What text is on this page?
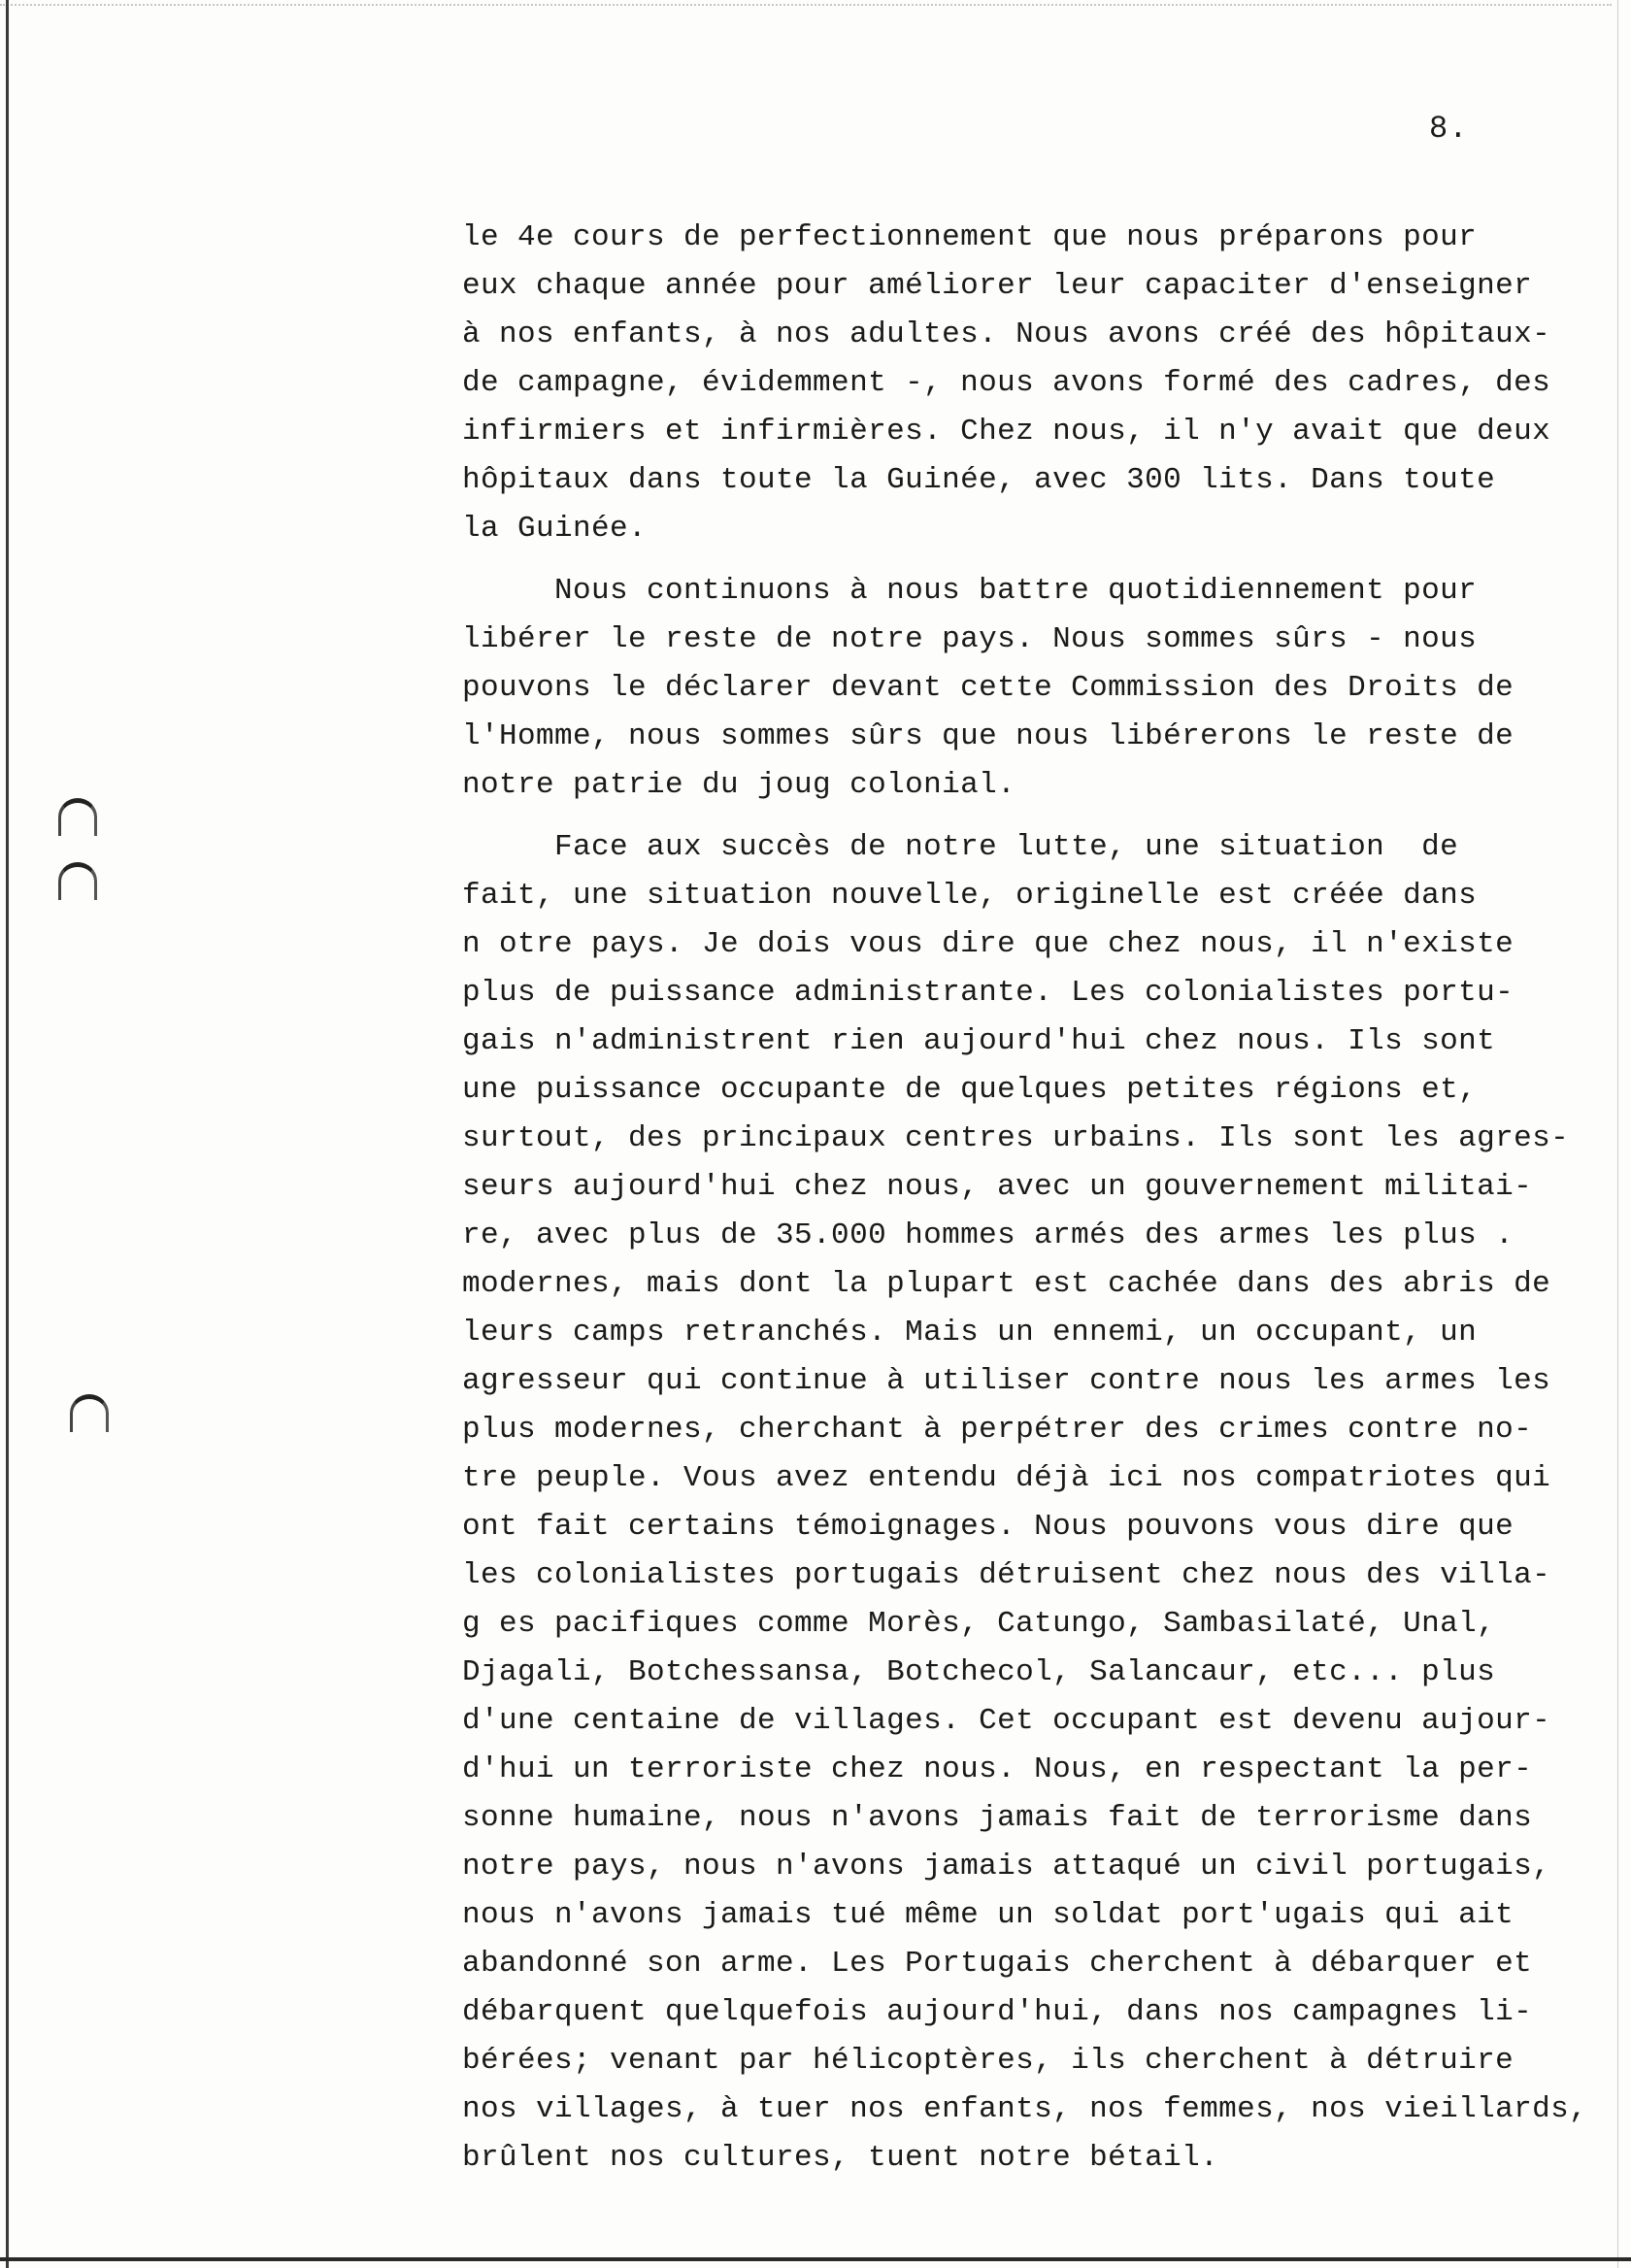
8.
le 4e cours de perfectionnement que nous préparons pour
eux chaque année pour améliorer leur capaciter d'enseigner
à nos enfants, à nos adultes. Nous avons créé des hôpitaux-
de campagne, évidemment -, nous avons formé des cadres, des
infirmiers et infirmières. Chez nous, il n'y avait que deux
hôpitaux dans toute la Guinée, avec 300 lits. Dans toute
la Guinée.
Nous continuons à nous battre quotidiennement pour
libérer le reste de notre pays. Nous sommes sûrs - nous
pouvons le déclarer devant cette Commission des Droits de
l'Homme, nous sommes sûrs que nous libérerons le reste de
notre patrie du joug colonial.
Face aux succès de notre lutte, une situation  de
fait, une situation nouvelle, originelle est créée dans
n otre pays. Je dois vous dire que chez nous, il n'existe
plus de puissance administrante. Les colonialistes portu-
gais n'administrent rien aujourd'hui chez nous. Ils sont
une puissance occupante de quelques petites régions et,
surtout, des principaux centres urbains. Ils sont les agres-
seurs aujourd'hui chez nous, avec un gouvernement militai-
re, avec plus de 35.000 hommes armés des armes les plus .
modernes, mais dont la plupart est cachée dans des abris de
leurs camps retranchés. Mais un ennemi, un occupant, un
agresseur qui continue à utiliser contre nous les armes les
plus modernes, cherchant à perpétrer des crimes contre no-
tre peuple. Vous avez entendu déjà ici nos compatriotes qui
ont fait certains témoignages. Nous pouvons vous dire que
les colonialistes portugais détruisent chez nous des villa-
g es pacifiques comme Morès, Catungo, Sambasilaté, Unal,
Djagali, Botchessansa, Botchecol, Salancaur, etc... plus
d'une centaine de villages. Cet occupant est devenu aujour-
d'hui un terroriste chez nous. Nous, en respectant la per-
sonne humaine, nous n'avons jamais fait de terrorisme dans
notre pays, nous n'avons jamais attaqué un civil portugais,
nous n'avons jamais tué même un soldat port'ugais qui ait
abandonné son arme. Les Portugais cherchent à débarquer et
débarquent quelquefois aujourd'hui, dans nos campagnes li-
bérées; venant par hélicoptères, ils cherchent à détruire
nos villages, à tuer nos enfants, nos femmes, nos vieillards,
brûlent nos cultures, tuent notre bétail.
